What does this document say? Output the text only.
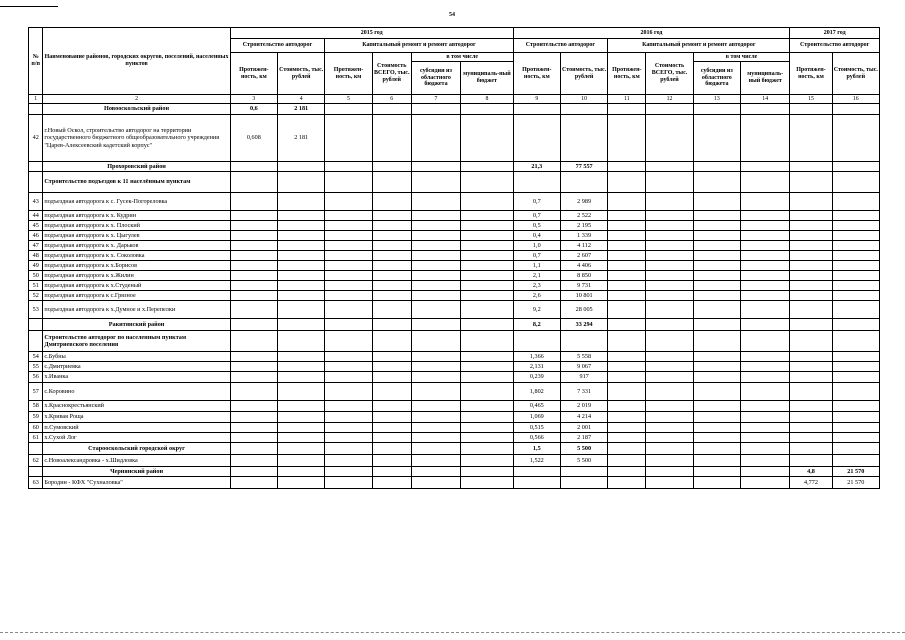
54
№ п/п	Наименование районов, городских округов, поселений, населенных пунктов	2015 год						2016 год						2017 год	
		Строительство автодорог		Капитальный ремонт и ремонт автодорог				Строительство автодорог		Капитальный ремонт и ремонт автодорог				Строительство автодорог	
		Протяжен-ность, км	Стоимость, тыс. рублей	Протяжен-ность, км	Стоимость ВСЕГО, тыс. рублей	в том числе		Протяжен-ность, км	Стоимость, тыс. рублей	Протяжен-ность, км	Стоимость ВСЕГО, тыс. рублей	в том числе		Протяжен-ность, км	Стоимость, тыс. рублей
						субсидии из областного бюджета	муниципаль-ный бюджет					субсидии из областного бюджета	муниципаль-ный бюджет		
1	2	3	4	5	6	7	8	9	10	11	12	13	14	15	16
	Новооскольский район	0,6	2 181												
42	г.Новый Оскол, строительство автодорог на территории государственного бюджетного общеобразовательного учреждения "Царев-Алексеевский кадетский корпус"	0,608	2 181												
	Прохоровский район							21,3	77 557						
	Строительство подъездов к 11 населённым пунктам														
43	подъездная автодорога к с. Гусек-Погореловка							0,7	2 989						
44	подъездная автодорога к х. Кудрин							0,7	2 522						
45	подъездная автодорога к х. Плоский							0,5	2 195						
46	подъездная автодорога к х. Цыгулев							0,4	1 339						
47	подъездная автодорога к х. Дарьков							1,0	4 112						
48	подъездная автодорога к х. Соколовка							0,7	2 607						
49	подъездная автодорога к х.Борисов							1,1	4 406						
50	подъездная автодорога к х.Жилин							2,1	8 850						
51	подъездная автодорога к х.Студеный							2,3	9 731						
52	подъездная автодорога к с.Грязное							2,6	10 801						
53	подъездная автодорога к х.Думное и х.Перепелки							9,2	28 005						
	Ракитянский район							8,2	33 294						
	Строительство автодорог по населенным пунктам Дмитриевского поселения														
54	с.Бубны							1,366	5 558						
55	с.Дмитриевка							2,131	9 067						
56	х.Иванка							0,239	917						
57	с.Коровино							1,802	7 331						
58	х.Краснокрестьянский							0,465	2 019						
59	х.Кривая Роща							1,069	4 214						
60	п.Сумовский							0,515	2 001						
61	х.Сухой Лог							0,566	2 187						
	Старооскольский городской округ							1,5	5 500						
62	с.Новоалександровка - х.Шидловка							1,522	5 500						
	Чернянский район													4,8	21 570
63	Бородин - КФХ "Сухналовка"													4,772	21 570
